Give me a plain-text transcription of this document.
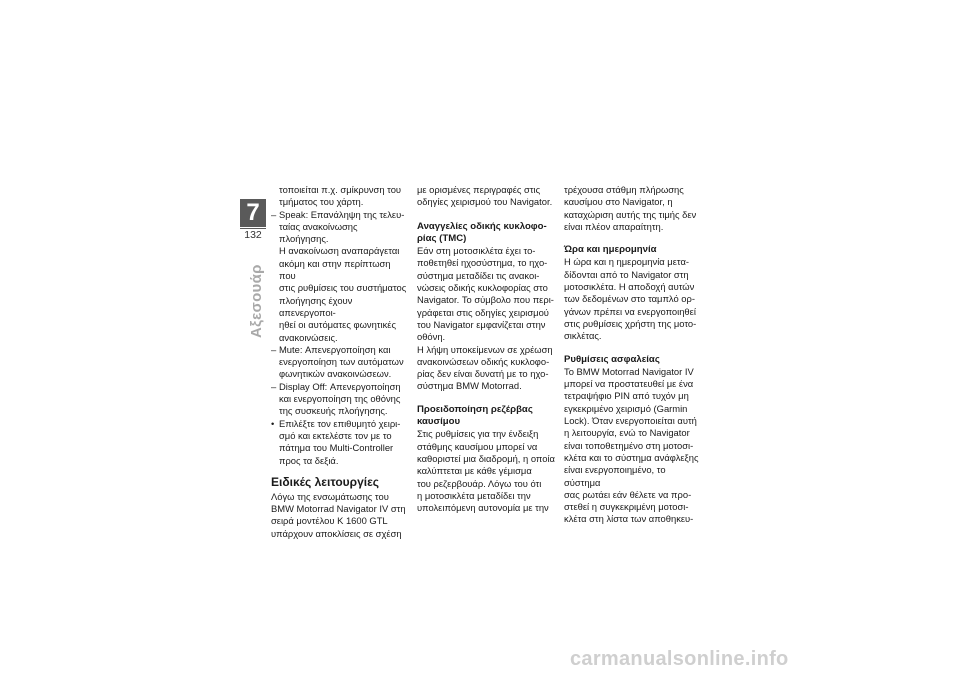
7
132
Αξεσουάρ

τοποιείται π.χ. σμίκρυνση του
τμήματος του χάρτη.

– Speak: Επανάληψη της τελευ-
ταίας ανακοίνωσης πλοήγησης.
Η ανακοίνωση αναπαράγεται
ακόμη και στην περίπτωση που
στις ρυθμίσεις του συστήματος
πλοήγησης έχουν απενεργοποι-
ηθεί οι αυτόματες φωνητικές
ανακοινώσεις.

– Mute: Απενεργοποίηση και
ενεργοποίηση των αυτόματων
φωνητικών ανακοινώσεων.

– Display Off: Απενεργοποίηση
και ενεργοποίηση της οθόνης
της συσκευής πλοήγησης.

• Επιλέξτε τον επιθυμητό χειρι-
σμό και εκτελέστε τον με το
πάτημα του Multi-Controller
προς τα δεξιά.

Ειδικές λειτουργίες

Λόγω της ενσωμάτωσης του
BMW Motorrad Navigator IV στη
σειρά μοντέλου K 1600 GTL
υπάρχουν αποκλίσεις σε σχέση

με ορισμένες περιγραφές στις
οδηγίες χειρισμού του Navigator.

Αναγγελίες οδικής κυκλοφο-
ρίας (TMC)

Εάν στη μοτοσικλέτα έχει το-
ποθετηθεί ηχοσύστημα, το ηχο-
σύστημα μεταδίδει τις ανακοι-
νώσεις οδικής κυκλοφορίας στο
Navigator. Το σύμβολο που περι-
γράφεται στις οδηγίες χειρισμού
του Navigator εμφανίζεται στην
οθόνη.

Η λήψη υποκείμενων σε χρέωση
ανακοινώσεων οδικής κυκλοφο-
ρίας δεν είναι δυνατή με το ηχο-
σύστημα BMW Motorrad.

Προειδοποίηση ρεζέρβας
καυσίμου

Στις ρυθμίσεις για την ένδειξη
στάθμης καυσίμου μπορεί να
καθοριστεί μια διαδρομή, η οποία
καλύπτεται με κάθε γέμισμα
του ρεζερβουάρ. Λόγω του ότι
η μοτοσικλέτα μεταδίδει την
υπολειπόμενη αυτονομία με την

τρέχουσα στάθμη πλήρωσης
καυσίμου στο Navigator, η
καταχώριση αυτής της τιμής δεν
είναι πλέον απαραίτητη.

Ώρα και ημερομηνία

Η ώρα και η ημερομηνία μετα-
δίδονται από το Navigator στη
μοτοσικλέτα. Η αποδοχή αυτών
των δεδομένων στο ταμπλό ορ-
γάνων πρέπει να ενεργοποιηθεί
στις ρυθμίσεις χρήστη της μοτο-
σικλέτας.

Ρυθμίσεις ασφαλείας

Το BMW Motorrad Navigator IV
μπορεί να προστατευθεί με ένα
τετραψήφιο PIN από τυχόν μη
εγκεκριμένο χειρισμό (Garmin
Lock). Όταν ενεργοποιείται αυτή
η λειτουργία, ενώ το Navigator
είναι τοποθετημένο στη μοτοσι-
κλέτα και το σύστημα ανάφλεξης
είναι ενεργοποιημένο, το σύστημα
σας ρωτάει εάν θέλετε να προ-
στεθεί η συγκεκριμένη μοτοσι-
κλέτα στη λίστα των αποθηκευ-

carmanualsonline.info
